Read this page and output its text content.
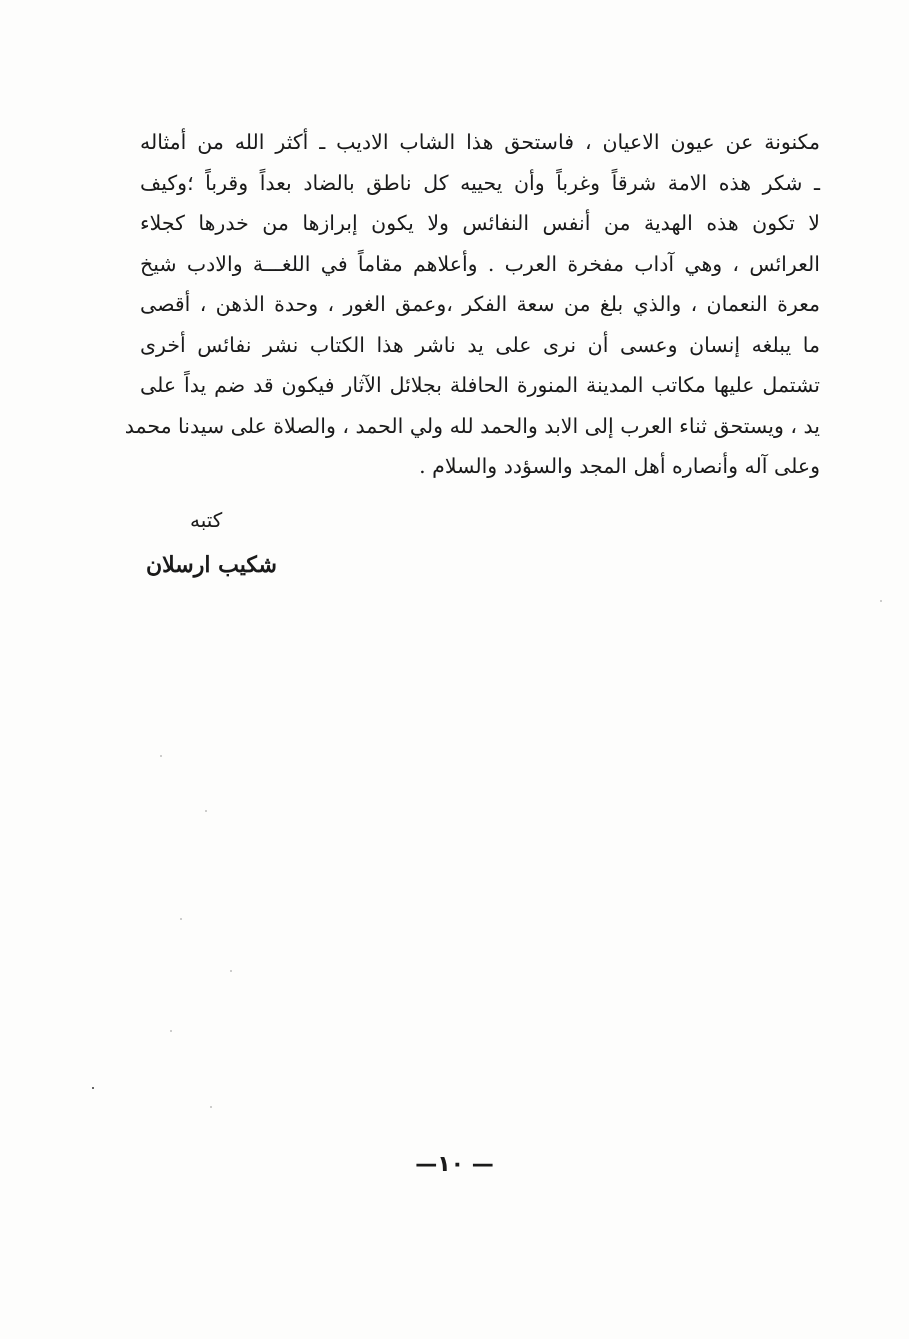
مكنونة عن عيون الاعيان ، فاستحق هذا الشاب الاديب ـ أكثر الله من أمثاله
ـ شكر هذه الامة شرقاً وغرباً وأن يحييه كل ناطق بالضاد بعداً وقرباً ؛وكيف
لا تكون هذه الهدية من أنفس النفائس ولا يكون إبرازها من خدرها كجلاء
العرائس ، وهي آداب مفخرة العرب . وأعلاهم مقاماً في اللغـــة والادب شيخ
معرة النعمان ، والذي بلغ من سعة الفكر ،وعمق الغور ، وحدة الذهن ، أقصى
ما يبلغه إنسان وعسى أن نرى على يد ناشر هذا الكتاب نشر نفائس أخرى
تشتمل عليها مكاتب المدينة المنورة الحافلة بجلائل الآثار فيكون قد ضم يداً على
يد ، ويستحق ثناء العرب إلى الابد والحمد لله ولي الحمد ، والصلاة على سيدنا محمد
وعلى آله وأنصاره أهل المجد والسؤدد والسلام .
كتبه
شكيب ارسلان
—١٠ —
